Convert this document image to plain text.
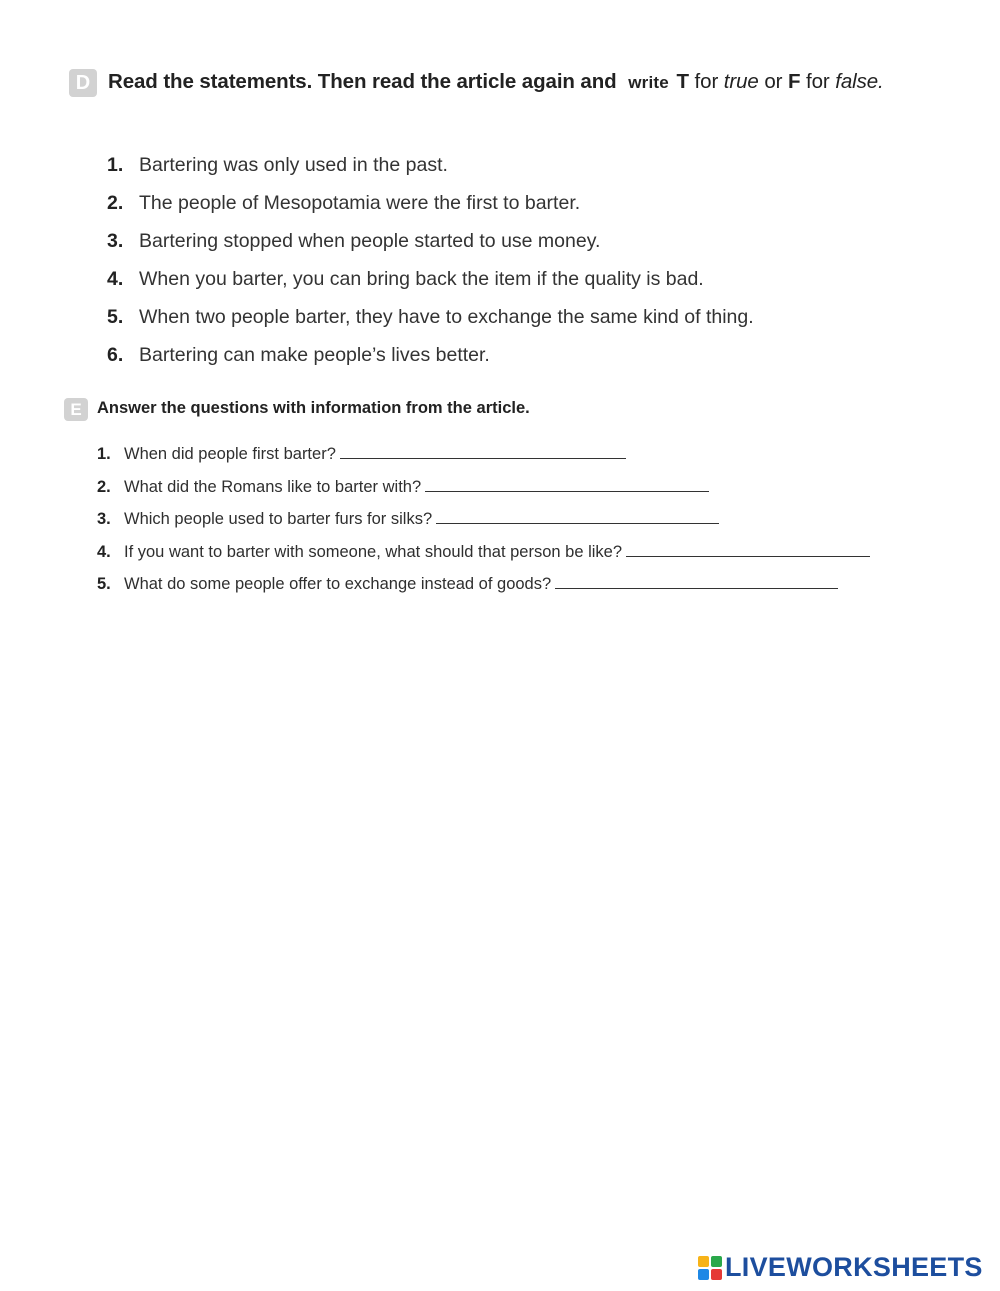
D Read the statements. Then read the article again and write T for true or F for false.
1. Bartering was only used in the past.
2. The people of Mesopotamia were the first to barter.
3. Bartering stopped when people started to use money.
4. When you barter, you can bring back the item if the quality is bad.
5. When two people barter, they have to exchange the same kind of thing.
6. Bartering can make people’s lives better.
E Answer the questions with information from the article.
1. When did people first barter?
2. What did the Romans like to barter with?
3. Which people used to barter furs for silks?
4. If you want to barter with someone, what should that person be like?
5. What do some people offer to exchange instead of goods?
LIVEWORKSHEETS
